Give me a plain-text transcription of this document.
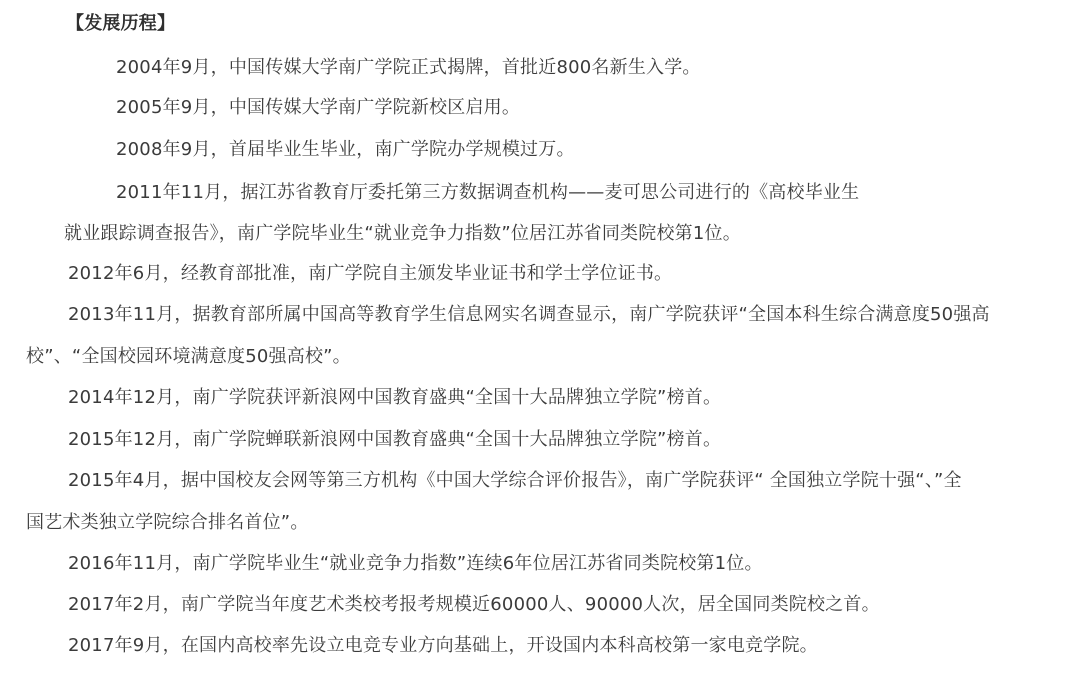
【发展历程】
2004年9月，中国传媒大学南广学院正式揭牌，首批近800名新生入学。
2005年9月，中国传媒大学南广学院新校区启用。
2008年9月，首届毕业生毕业，南广学院办学规模过万。
2011年11月，据江苏省教育厅委托第三方数据调查机构——麦可思公司进行的《高校毕业生
就业跟踪调查报告》，南广学院毕业生“就业竞争力指数”位居江苏省同类院校第1位。
2012年6月，经教育部批准，南广学院自主颁发毕业证书和学士学位证书。
2013年11月，据教育部所属中国高等教育学生信息网实名调查显示，南广学院获评“全国本科生综合满意度50强高
校”、“全国校园环境满意度50强高校”。
2014年12月，南广学院获评新浪网中国教育盛典“全国十大品牌独立学院”榜首。
2015年12月，南广学院蝉联新浪网中国教育盛典“全国十大品牌独立学院”榜首。
2015年4月，据中国校友会网等第三方机构《中国大学综合评价报告》，南广学院获评“ 全国独立学院十强“、”全
国艺术类独立学院综合排名首位”。
2016年11月，南广学院毕业生“就业竞争力指数”连续6年位居江苏省同类院校第1位。
2017年2月，南广学院当年度艺术类校考报考规模近60000人、90000人次，居全国同类院校之首。
2017年9月，在国内高校率先设立电竞专业方向基础上，开设国内本科高校第一家电竞学院。
